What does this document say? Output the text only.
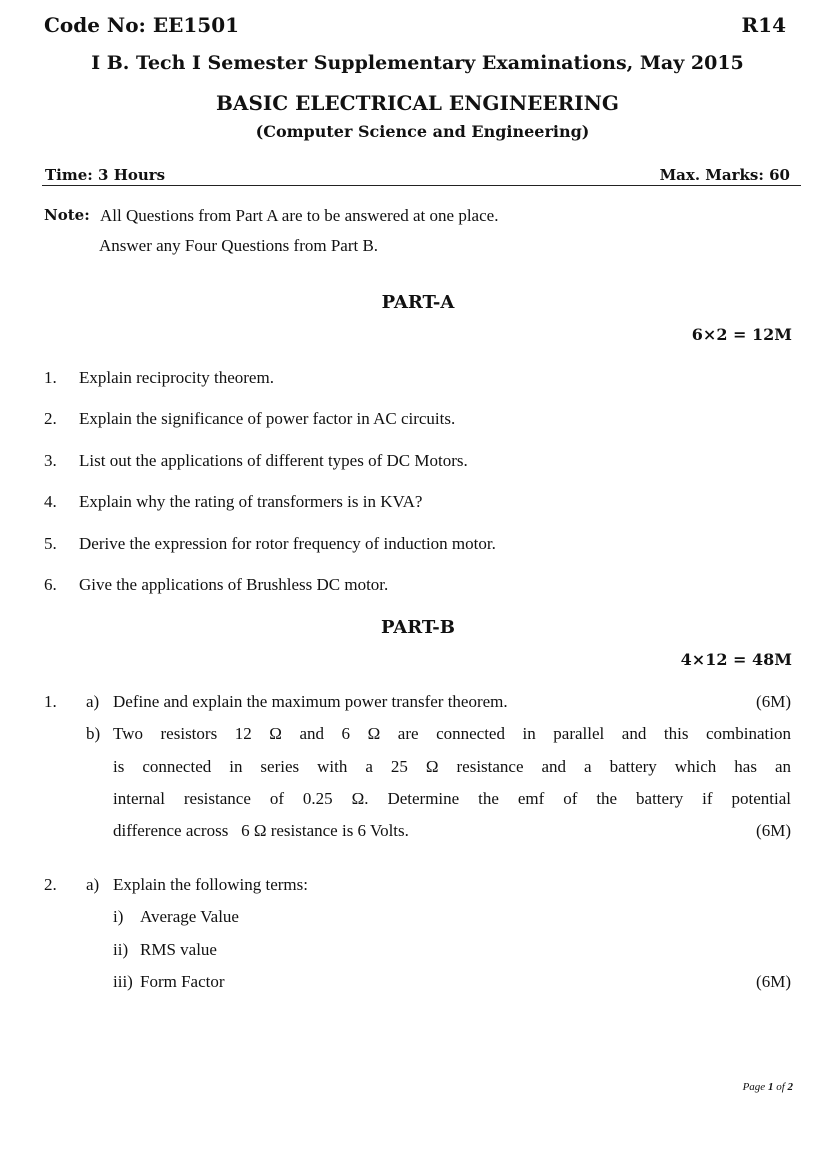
Code No: EE1501	R14
I B. Tech I Semester Supplementary Examinations, May 2015
BASIC ELECTRICAL ENGINEERING
(Computer Science and Engineering)
Time: 3 Hours	Max. Marks: 60
Note: All Questions from Part A are to be answered at one place.
Answer any Four Questions from Part B.
PART-A
6×2 = 12M
1. Explain reciprocity theorem.
2. Explain the significance of power factor in AC circuits.
3. List out the applications of different types of DC Motors.
4. Explain why the rating of transformers is in KVA?
5. Derive the expression for rotor frequency of induction motor.
6. Give the applications of Brushless DC motor.
PART-B
4×12 = 48M
1. a) Define and explain the maximum power transfer theorem.	(6M)
b) Two resistors 12 Ω and 6 Ω are connected in parallel and this combination
is connected in series with a 25 Ω resistance and a battery which has an
internal resistance of 0.25 Ω. Determine the emf of the battery if potential
difference across   6 Ω resistance is 6 Volts.	(6M)
2. a) Explain the following terms:
i) Average Value
ii) RMS value
iii) Form Factor	(6M)
Page 1 of 2
